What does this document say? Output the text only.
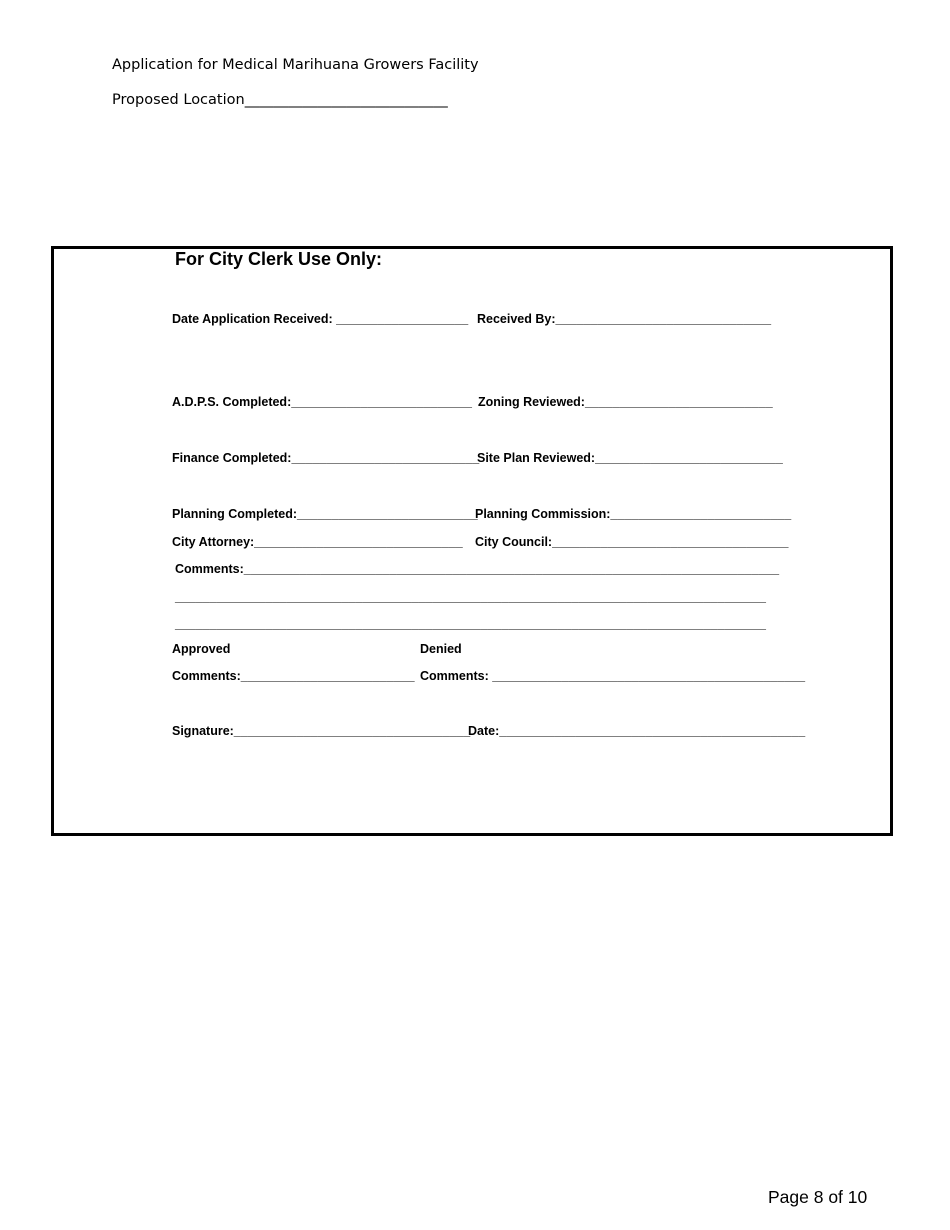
Application for Medical Marihuana Growers Facility
Proposed Location____________________________
For City Clerk Use Only:
Date Application Received: ___________________ Received By:_______________________________
A.D.P.S. Completed:__________________________ Zoning Reviewed:___________________________
Finance Completed:___________________________
Site Plan Reviewed:___________________________
Planning Completed:__________________________
Planning Commission:__________________________
City Attorney:______________________________ City Council:__________________________________
Comments:_____________________________________________________________________________
_____________________________________________________________________________________
_____________________________________________________________________________________
Approved	Denied
Comments:_________________________ Comments: _____________________________________________
Signature:__________________________________
Date:____________________________________________
Page 8 of 10
